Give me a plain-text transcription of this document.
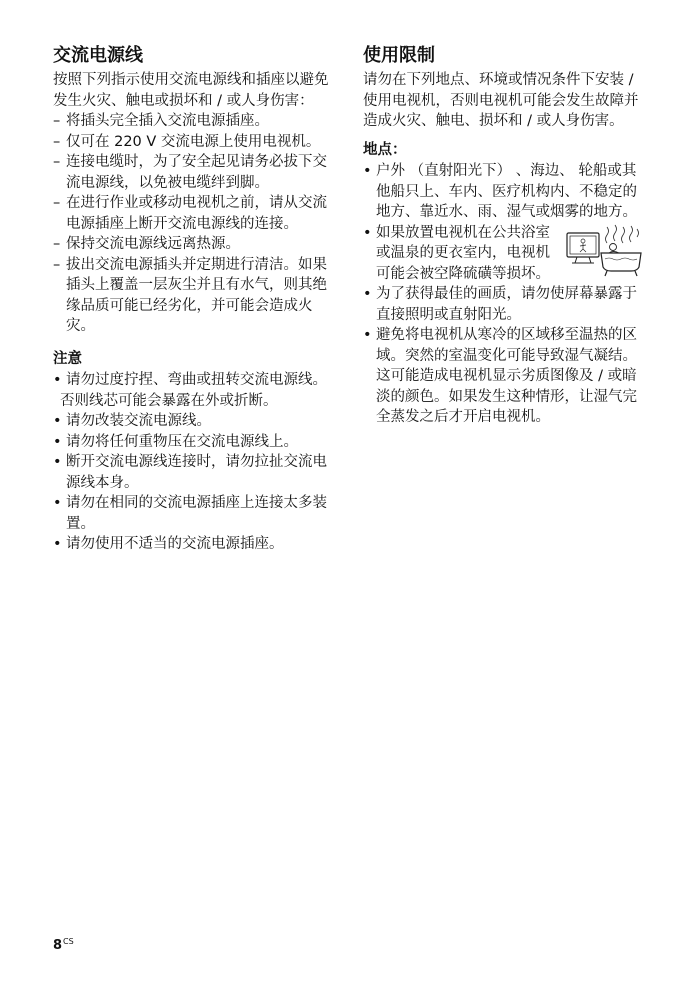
交流电源线

按照下列指示使用交流电源线和插座以避免发生火灾、触电或损坏和 / 或人身伤害：

– 将插头完全插入交流电源插座。
– 仅可在 220 V 交流电源上使用电视机。
– 连接电缆时，为了安全起见请务必拔下交流电源线，以免被电缆绊到脚。
– 在进行作业或移动电视机之前，请从交流电源插座上断开交流电源线的连接。
– 保持交流电源线远离热源。
– 拔出交流电源插头并定期进行清洁。如果插头上覆盖一层灰尘并且有水气，则其绝缘品质可能已经劣化，并可能会造成火灾。
注意
• 请勿过度拧捏、弯曲或扭转交流电源线。

否则线芯可能会暴露在外或折断。

• 请勿改装交流电源线。
• 请勿将任何重物压在交流电源线上。
• 断开交流电源线连接时，请勿拉扯交流电源线本身。
• 请勿在相同的交流电源插座上连接太多装置。
• 请勿使用不适当的交流电源插座。
使用限制

请勿在下列地点、环境或情况条件下安装 / 使用电视机，否则电视机可能会发生故障并造成火灾、触电、损坏和 / 或人身伤害。

地点：
• 户外 （直射阳光下） 、海边、 轮船或其他船只上、车内、医疗机构内、不稳定的地方、靠近水、雨、湿气或烟雾的地方。
• 如果放置电视机在公共浴室或温泉的更衣室内，电视机可能会被空降硫磺等损坏。
• 为了获得最佳的画质，请勿使屏幕暴露于直接照明或直射阳光。
• 避免将电视机从寒冷的区域移至温热的区域。突然的室温变化可能导致湿气凝结。这可能造成电视机显示劣质图像及 / 或暗淡的颜色。如果发生这种情形，让湿气完全蒸发之后才开启电视机。
$8^{CS}$
